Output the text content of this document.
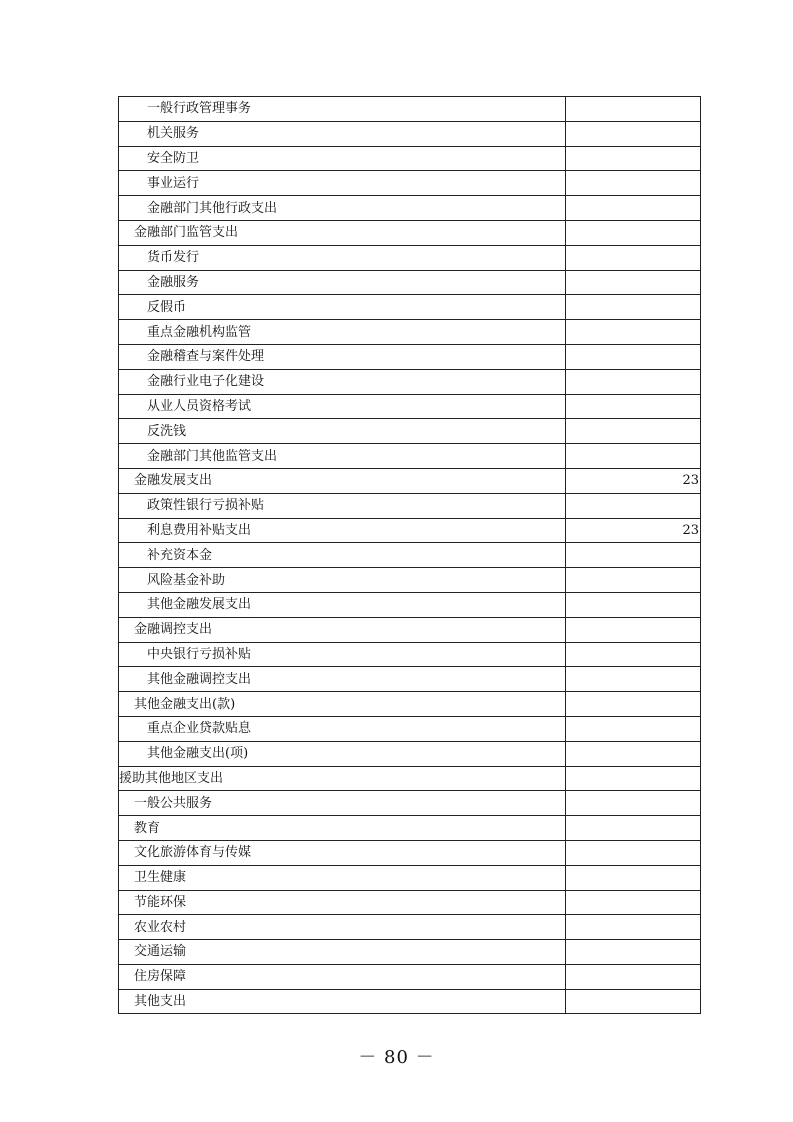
一般行政管理事务	
机关服务	
安全防卫	
事业运行	
金融部门其他行政支出	
金融部门监管支出	
货币发行	
金融服务	
反假币	
重点金融机构监管	
金融稽查与案件处理	
金融行业电子化建设	
从业人员资格考试	
反洗钱	
金融部门其他监管支出	
金融发展支出	23
政策性银行亏损补贴	
利息费用补贴支出	23
补充资本金	
风险基金补助	
其他金融发展支出	
金融调控支出	
中央银行亏损补贴	
其他金融调控支出	
其他金融支出(款)	
重点企业贷款贴息	
其他金融支出(项)	
援助其他地区支出	
一般公共服务	
教育	
文化旅游体育与传媒	
卫生健康	
节能环保	
农业农村	
交通运输	
住房保障	
其他支出	
－ 80 －
